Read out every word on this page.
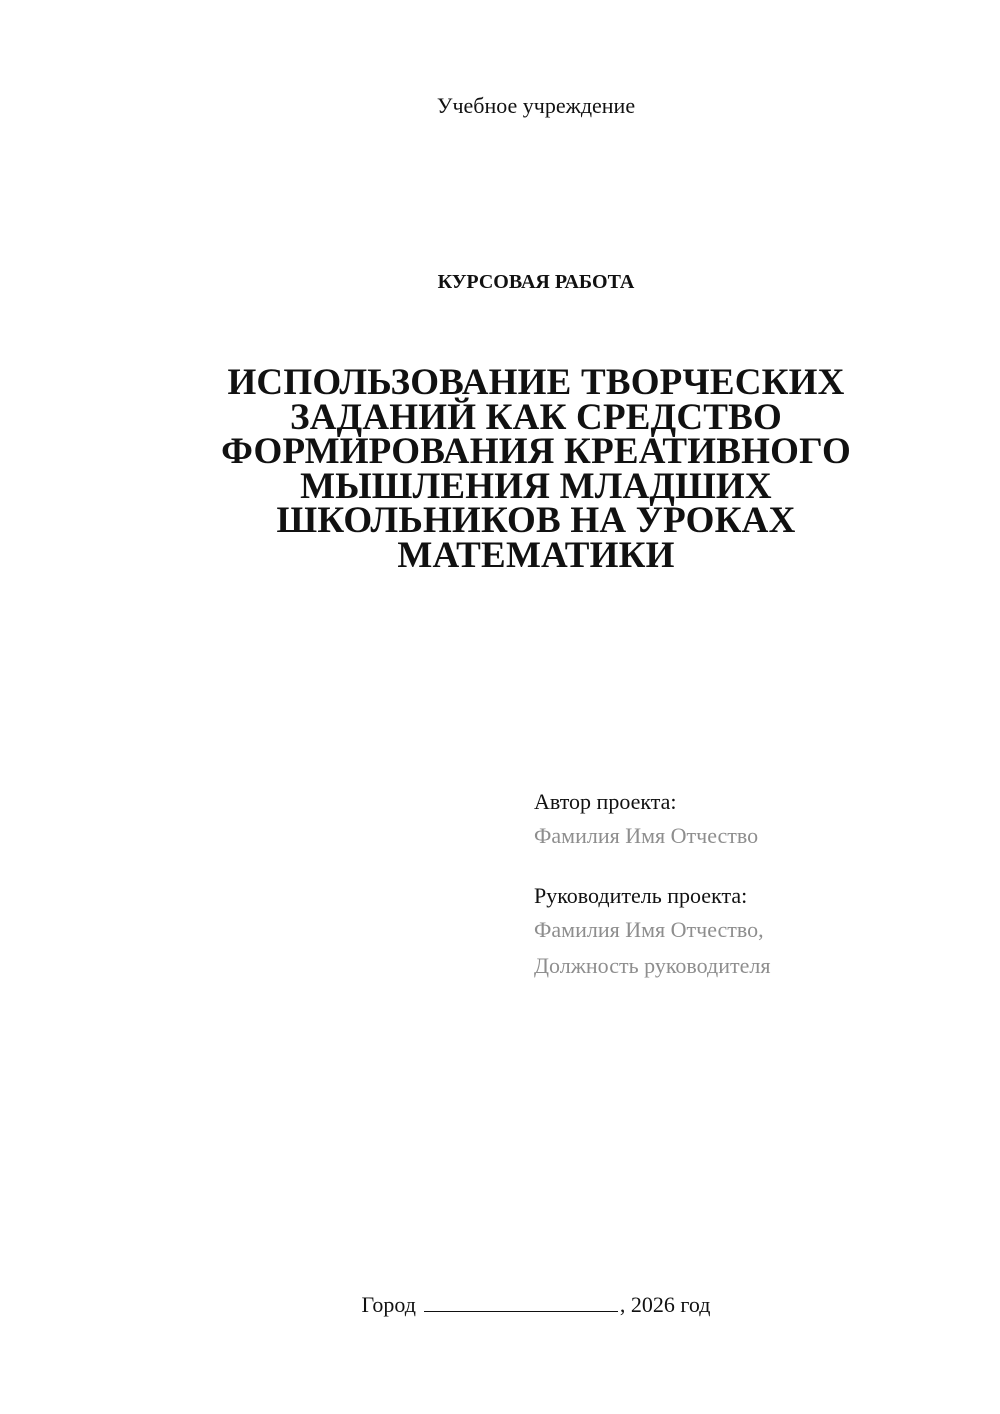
Учебное учреждение
КУРСОВАЯ РАБОТА
ИСПОЛЬЗОВАНИЕ ТВОРЧЕСКИХ
ЗАДАНИЙ КАК СРЕДСТВО
ФОРМИРОВАНИЯ КРЕАТИВНОГО
МЫШЛЕНИЯ МЛАДШИХ
ШКОЛЬНИКОВ НА УРОКАХ
МАТЕМАТИКИ
Автор проекта:
Фамилия Имя Отчество
Руководитель проекта:
Фамилия Имя Отчество,
Должность руководителя
Город	, 2026 год
